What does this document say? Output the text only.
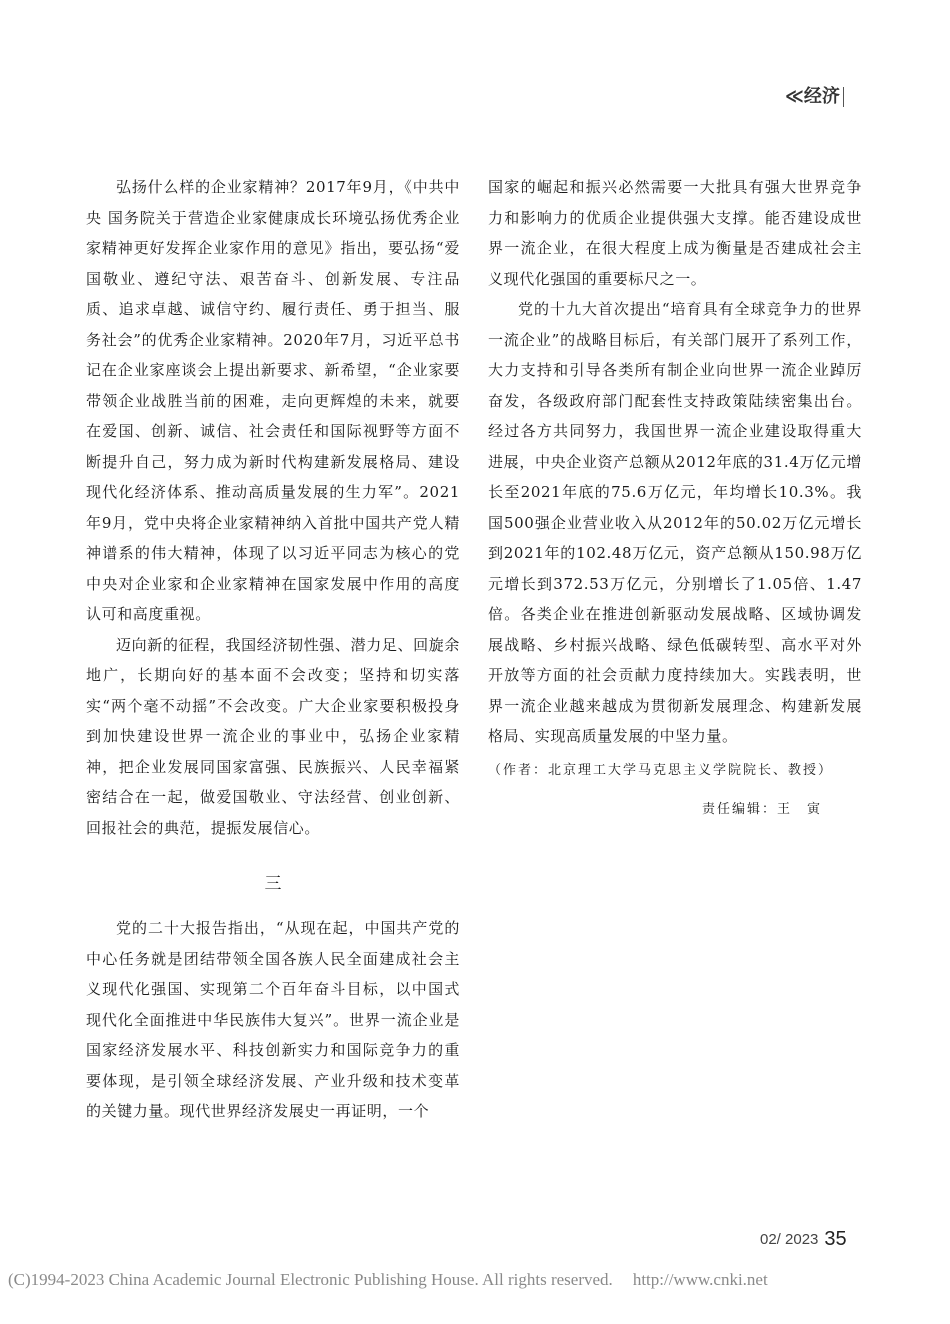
≪经济

弘扬什么样的企业家精神？2017年9月，《中共中央 国务院关于营造企业家健康成长环境弘扬优秀企业家精神更好发挥企业家作用的意见》指出，要弘扬“爱国敬业、遵纪守法、艰苦奋斗、创新发展、专注品质、追求卓越、诚信守约、履行责任、勇于担当、服务社会”的优秀企业家精神。2020年7月，习近平总书记在企业家座谈会上提出新要求、新希望，“企业家要带领企业战胜当前的困难，走向更辉煌的未来，就要在爱国、创新、诚信、社会责任和国际视野等方面不断提升自己，努力成为新时代构建新发展格局、建设现代化经济体系、推动高质量发展的生力军”。2021年9月，党中央将企业家精神纳入首批中国共产党人精神谱系的伟大精神，体现了以习近平同志为核心的党中央对企业家和企业家精神在国家发展中作用的高度认可和高度重视。

迈向新的征程，我国经济韧性强、潜力足、回旋余地广，长期向好的基本面不会改变；坚持和切实落实“两个毫不动摇”不会改变。广大企业家要积极投身到加快建设世界一流企业的事业中，弘扬企业家精神，把企业发展同国家富强、民族振兴、人民幸福紧密结合在一起，做爱国敬业、守法经营、创业创新、回报社会的典范，提振发展信心。

三

党的二十大报告指出，“从现在起，中国共产党的中心任务就是团结带领全国各族人民全面建成社会主义现代化强国、实现第二个百年奋斗目标，以中国式现代化全面推进中华民族伟大复兴”。世界一流企业是国家经济发展水平、科技创新实力和国际竞争力的重要体现，是引领全球经济发展、产业升级和技术变革的关键力量。现代世界经济发展史一再证明，一个

国家的崛起和振兴必然需要一大批具有强大世界竞争力和影响力的优质企业提供强大支撑。能否建设成世界一流企业，在很大程度上成为衡量是否建成社会主义现代化强国的重要标尺之一。

党的十九大首次提出“培育具有全球竞争力的世界一流企业”的战略目标后，有关部门展开了系列工作，大力支持和引导各类所有制企业向世界一流企业踔厉奋发，各级政府部门配套性支持政策陆续密集出台。经过各方共同努力，我国世界一流企业建设取得重大进展，中央企业资产总额从2012年底的31.4万亿元增长至2021年底的75.6万亿元，年均增长10.3%。我国500强企业营业收入从2012年的50.02万亿元增长到2021年的102.48万亿元，资产总额从150.98万亿元增长到372.53万亿元，分别增长了1.05倍、1.47倍。各类企业在推进创新驱动发展战略、区域协调发展战略、乡村振兴战略、绿色低碳转型、高水平对外开放等方面的社会贡献力度持续加大。实践表明，世界一流企业越来越成为贯彻新发展理念、构建新发展格局、实现高质量发展的中坚力量。

（作者：北京理工大学马克思主义学院院长、教授）
责任编辑：王　寅
02/ 2023 35
(C)1994-2023 China Academic Journal Electronic Publishing House. All rights reserved. http://www.cnki.net
